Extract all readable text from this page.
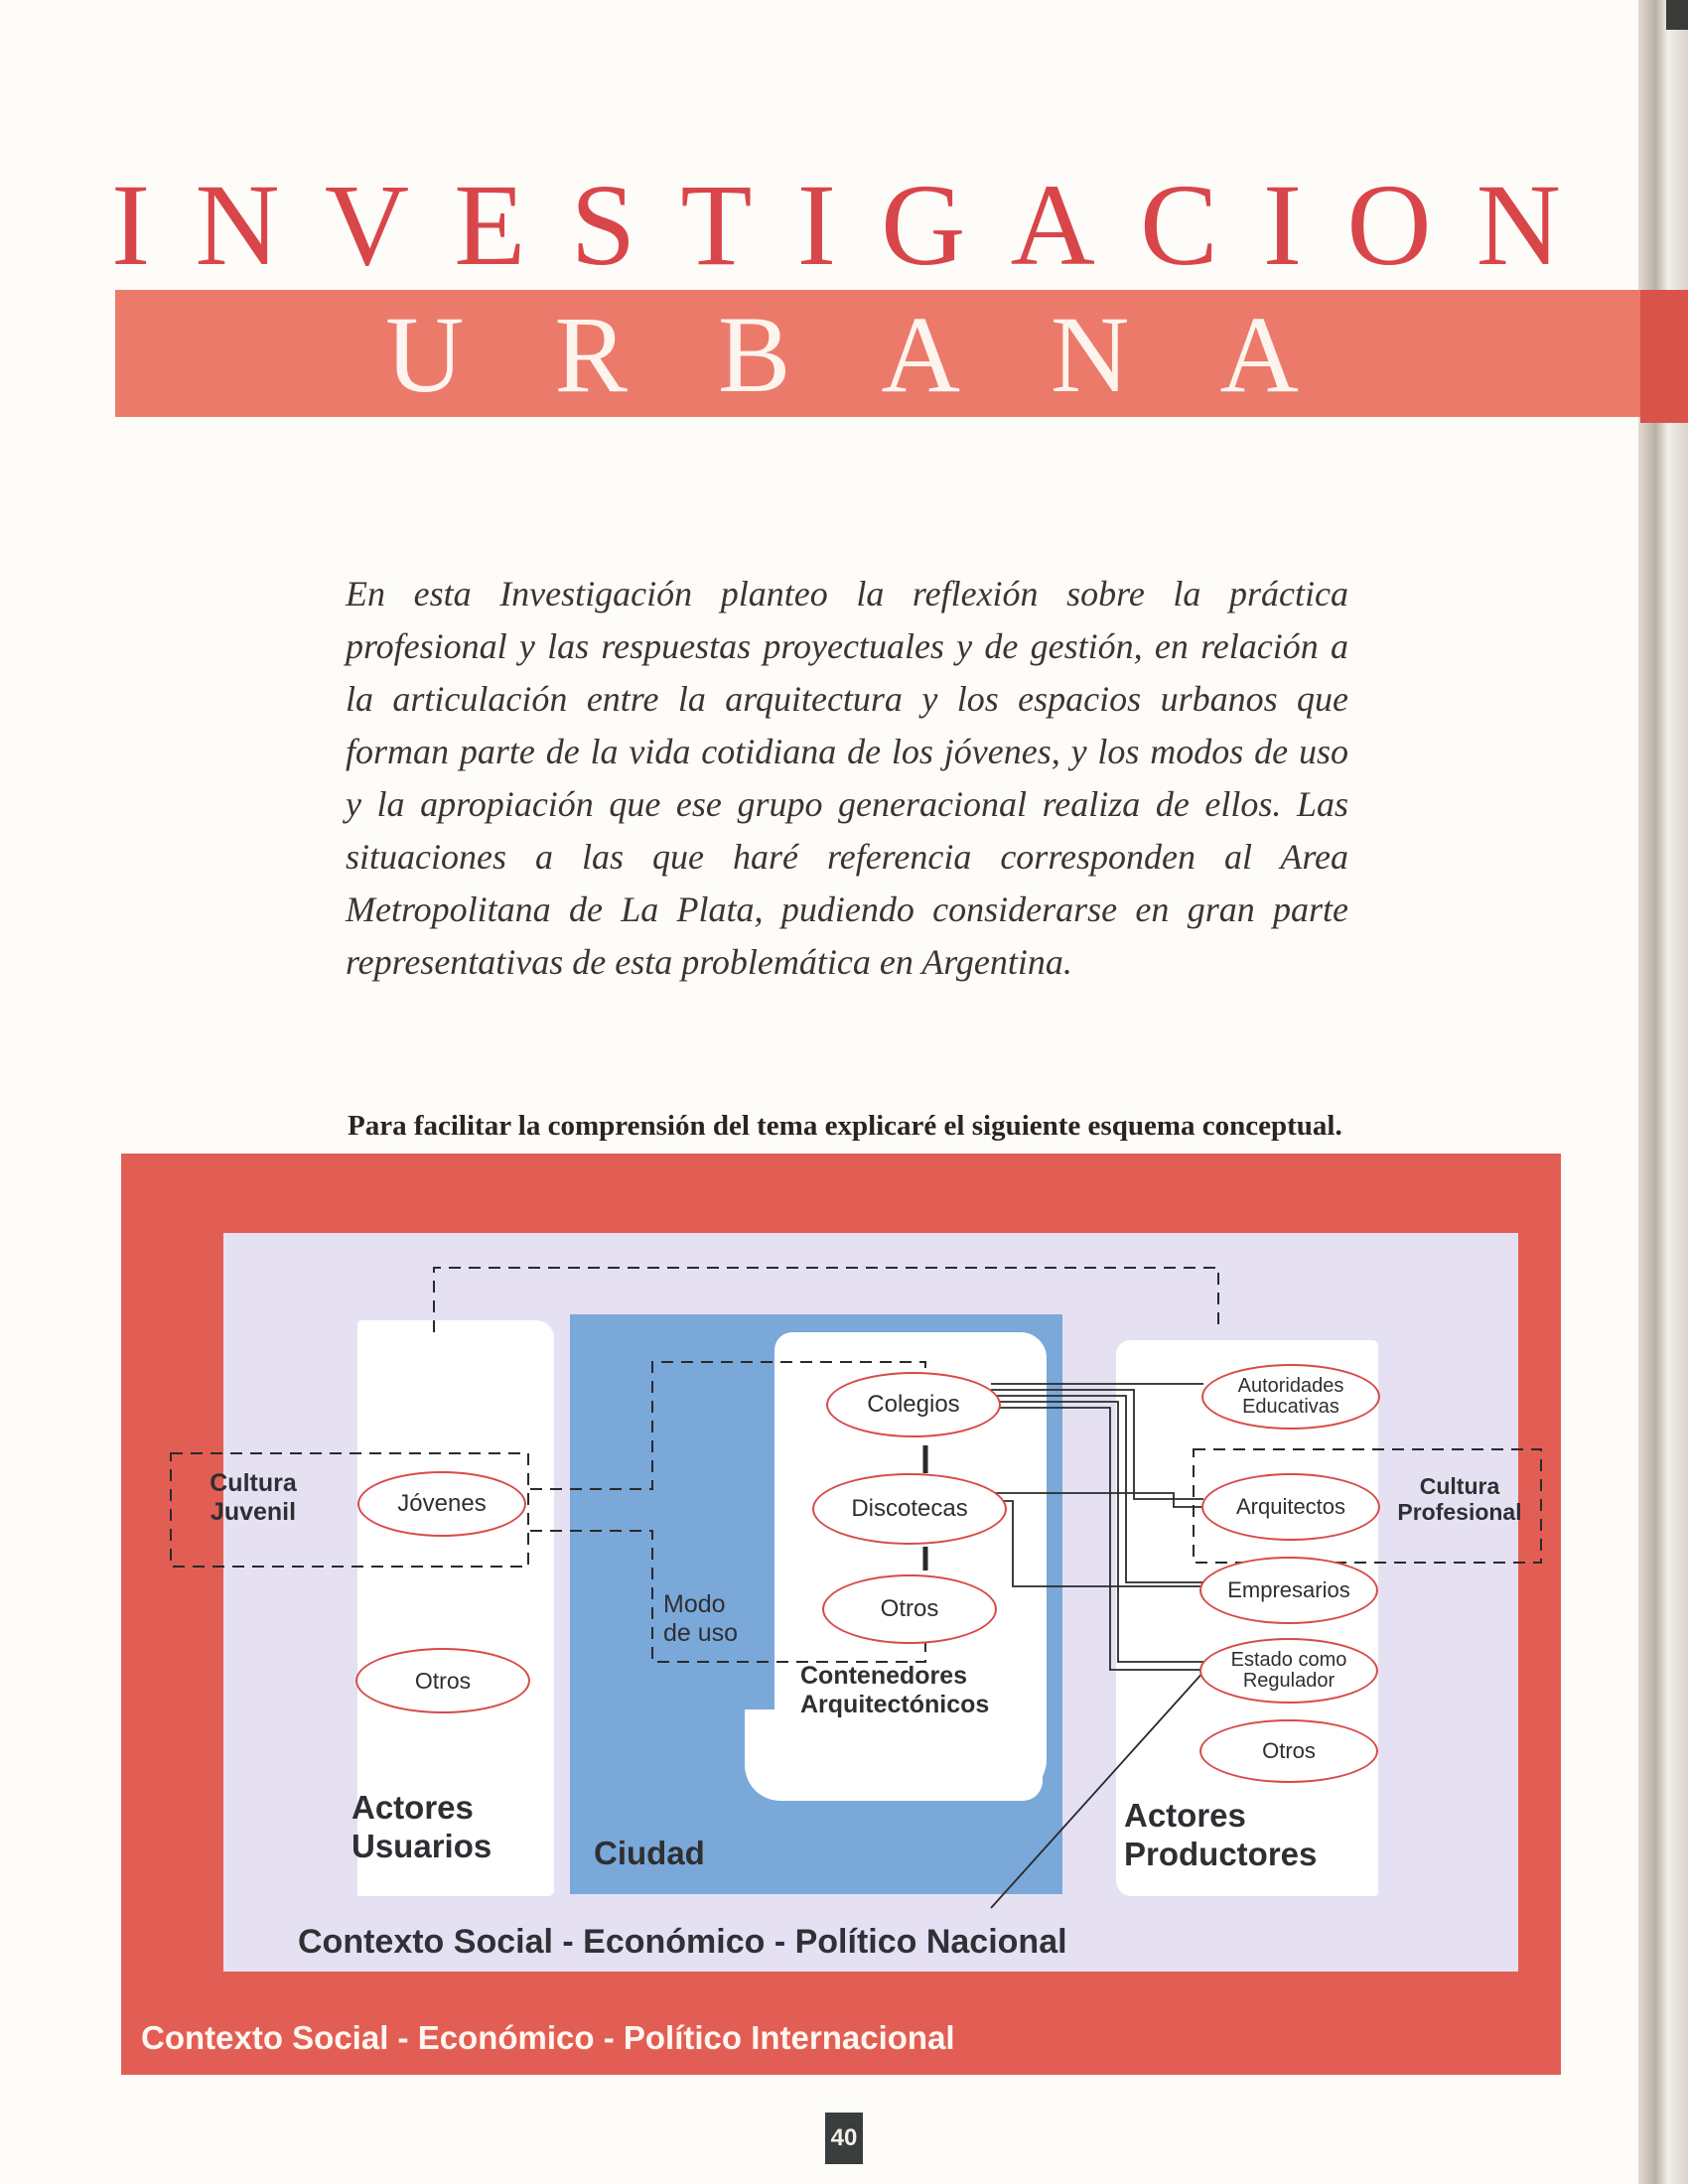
I N V E S T I G A C I O N
U R B A N A

En esta Investigación planteo la reflexión sobre la práctica profesional y las respuestas proyectuales y de gestión, en relación a la articulación entre la arquitectura y los espacios urbanos que forman parte de la vida cotidiana de los jóvenes, y los modos de uso y la apropiación que ese grupo generacional realiza de ellos. Las situaciones a las que haré referencia corresponden al Area Metropolitana de La Plata, pudiendo considerarse en gran parte representativas de esta problemática en Argentina.

Para facilitar la comprensión del tema explicaré el siguiente esquema conceptual.

Cultura Juvenil	Jóvenes
Otros
Actores Usuarios
Colegios
Discotecas
Otros
Modo de uso
Contenedores Arquitectónicos
Ciudad
Autoridades Educativas
Arquitectos
Empresarios
Estado como Regulador
Otros
Cultura Profesional
Actores Productores
Contexto Social - Económico - Político Nacional
Contexto Social - Económico - Político Internacional
40
